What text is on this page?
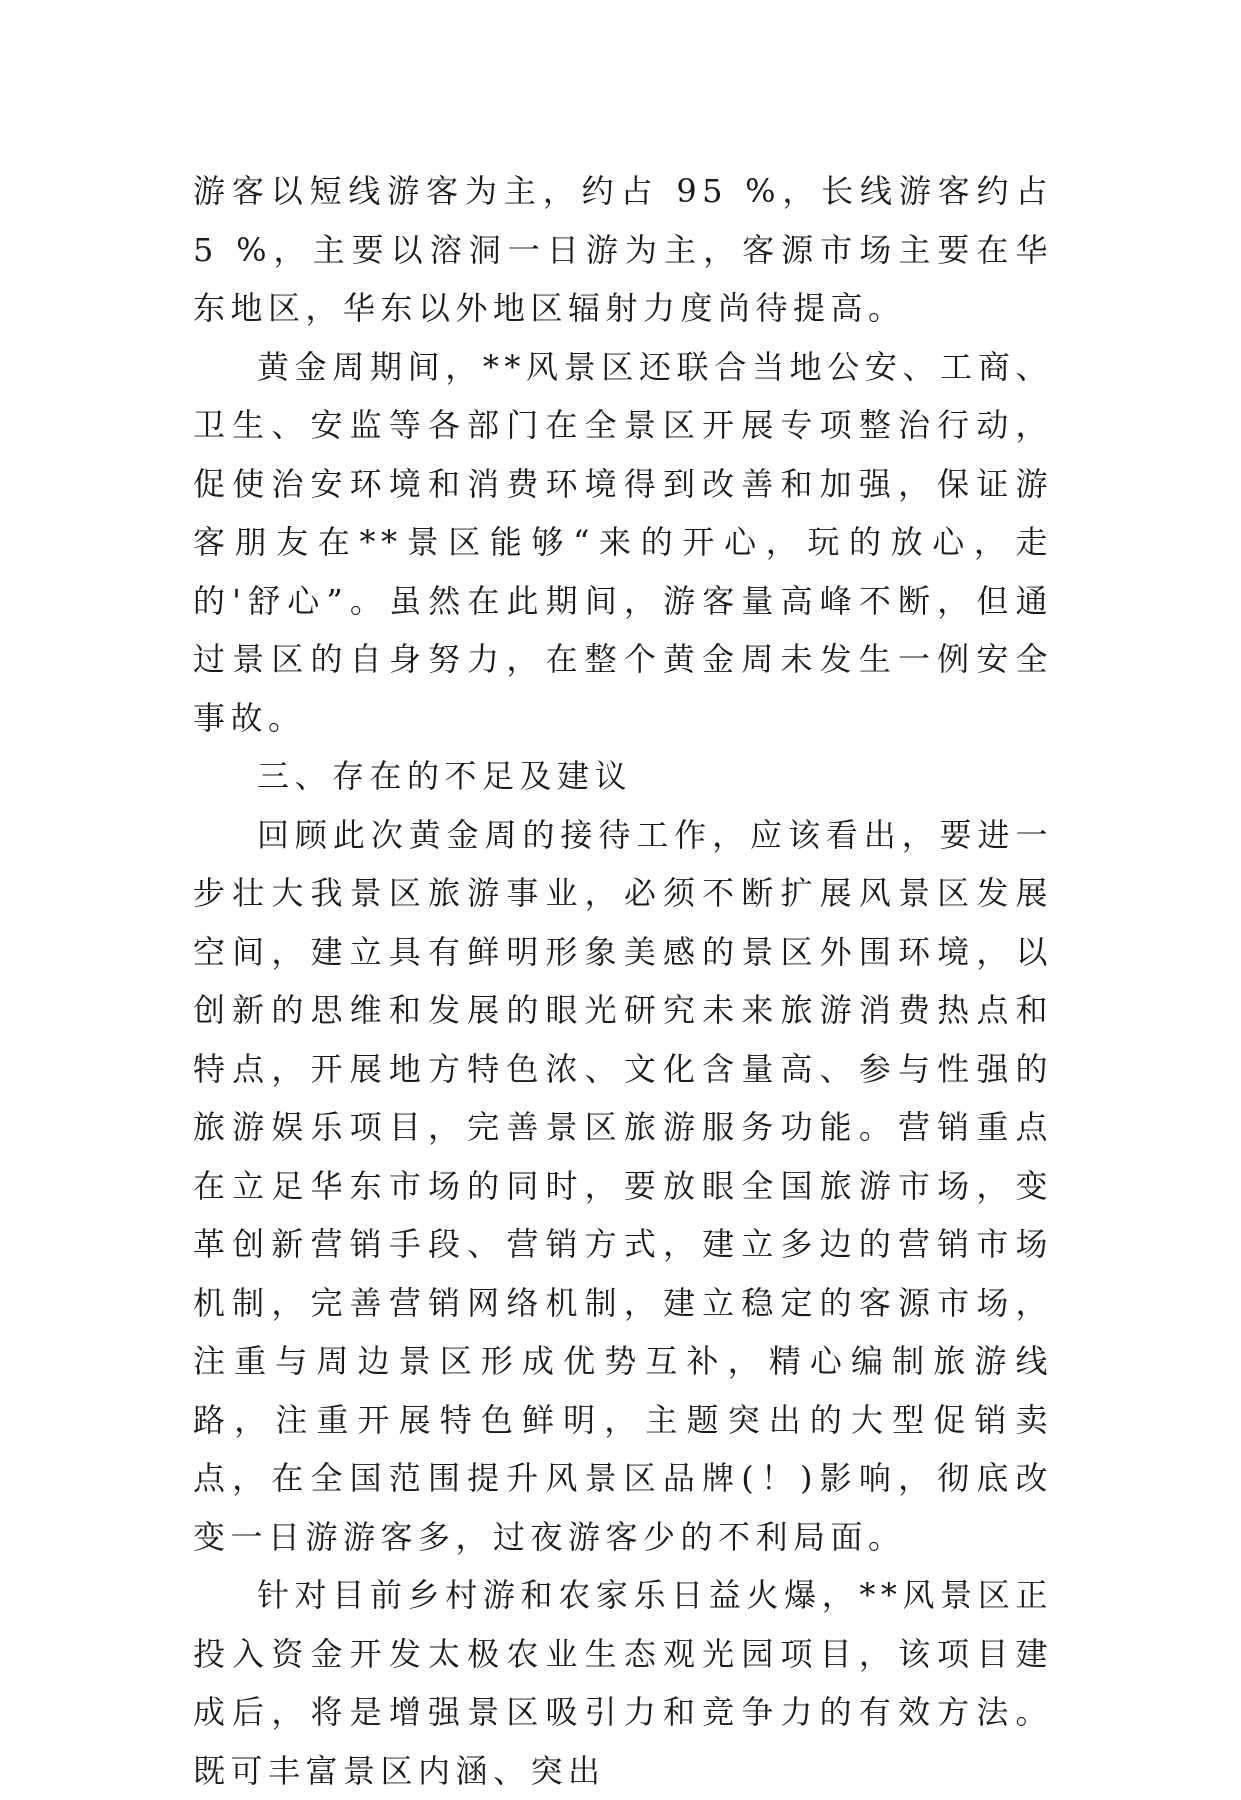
游客以短线游客为主，约占 95 %，长线游客约占 5 %，主要以溶洞一日游为主，客源市场主要在华东地区，华东以外地区辐射力度尚待提高。

黄金周期间，**风景区还联合当地公安、工商、卫生、安监等各部门在全景区开展专项整治行动，促使治安环境和消费环境得到改善和加强，保证游客朋友在**景区能够“来的开心，玩的放心，走的'舒心”。虽然在此期间，游客量高峰不断，但通过景区的自身努力，在整个黄金周未发生一例安全事故。

三、存在的不足及建议

回顾此次黄金周的接待工作，应该看出，要进一步壮大我景区旅游事业，必须不断扩展风景区发展空间，建立具有鲜明形象美感的景区外围环境，以创新的思维和发展的眼光研究未来旅游消费热点和特点，开展地方特色浓、文化含量高、参与性强的旅游娱乐项目，完善景区旅游服务功能。营销重点在立足华东市场的同时，要放眼全国旅游市场，变革创新营销手段、营销方式，建立多边的营销市场机制，完善营销网络机制，建立稳定的客源市场，注重与周边景区形成优势互补，精心编制旅游线路，注重开展特色鲜明，主题突出的大型促销卖点，在全国范围提升风景区品牌(！)影响，彻底改变一日游游客多，过夜游客少的不利局面。

针对目前乡村游和农家乐日益火爆，**风景区正投入资金开发太极农业生态观光园项目，该项目建成后，将是增强景区吸引力和竞争力的有效方法。既可丰富景区内涵、突出
